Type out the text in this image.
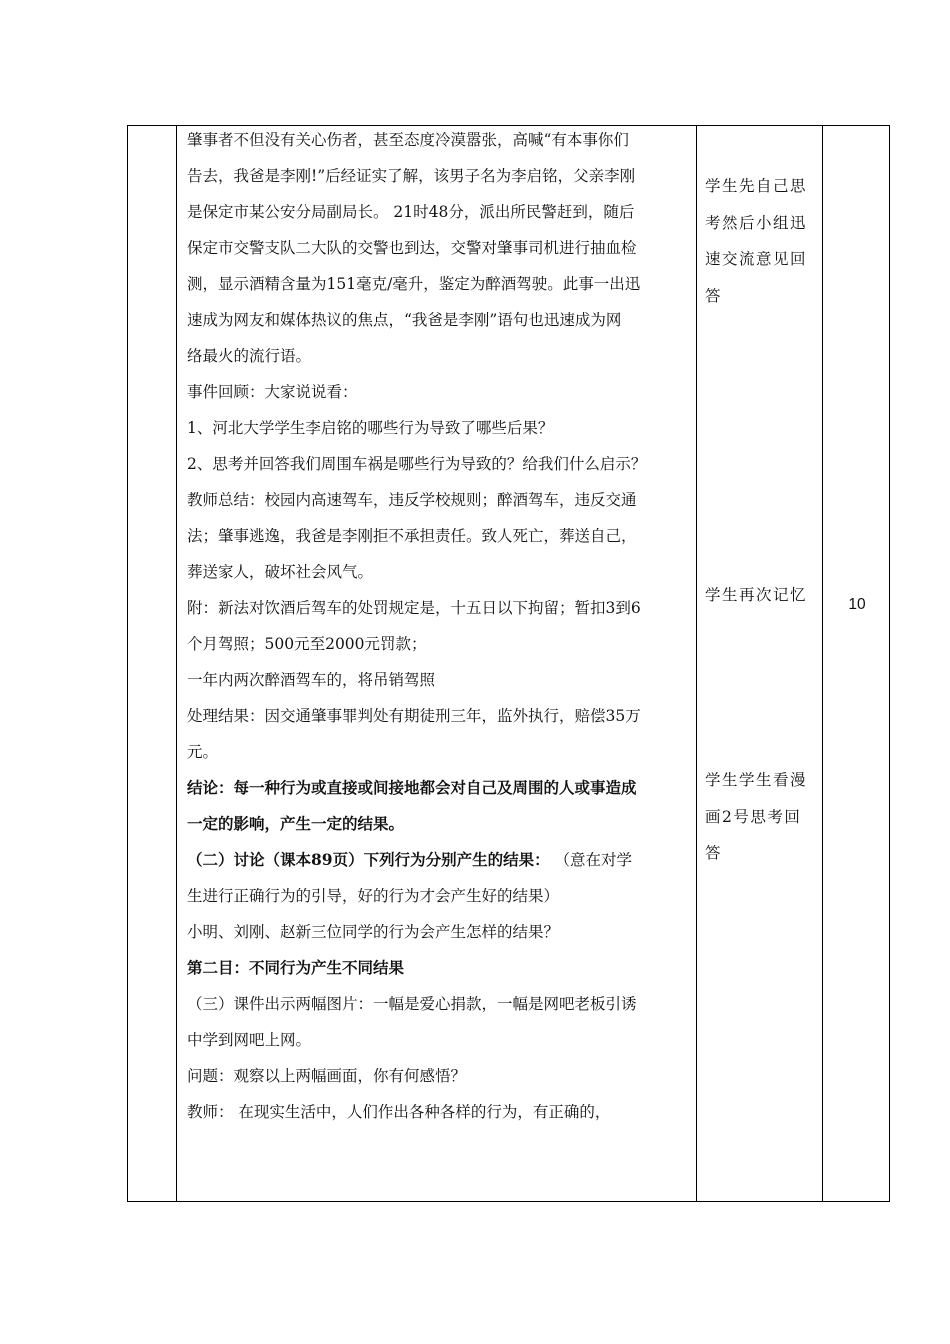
肇事者不但没有关心伤者，甚至态度冷漠嚣张，高喊“有本事你们

告去，我爸是李刚!”后经证实了解，该男子名为李启铭，父亲李刚

是保定市某公安分局副局长。 21时48分，派出所民警赶到，随后

保定市交警支队二大队的交警也到达，交警对肇事司机进行抽血检

测，显示酒精含量为151毫克/毫升，鉴定为醉酒驾驶。此事一出迅

速成为网友和媒体热议的焦点，“我爸是李刚”语句也迅速成为网

络最火的流行语。

事件回顾：大家说说看：

1、河北大学学生李启铭的哪些行为导致了哪些后果？

2、思考并回答我们周围车祸是哪些行为导致的？给我们什么启示？

教师总结：校园内高速驾车，违反学校规则；醉酒驾车，违反交通

法；肇事逃逸，我爸是李刚拒不承担责任。致人死亡，葬送自己，

葬送家人，破坏社会风气。

附：新法对饮酒后驾车的处罚规定是，十五日以下拘留；暂扣3到6

个月驾照；500元至2000元罚款；

一年内两次醉酒驾车的，将吊销驾照

处理结果：因交通肇事罪判处有期徒刑三年，监外执行，赔偿35万

元。

结论：每一种行为或直接或间接地都会对自己及周围的人或事造成

一定的影响，产生一定的结果。

（二）讨论（课本89页）下列行为分别产生的结果： （意在对学

生进行正确行为的引导，好的行为才会产生好的结果）

小明、刘刚、赵新三位同学的行为会产生怎样的结果？

第二目：不同行为产生不同结果

（三）课件出示两幅图片：一幅是爱心捐款，一幅是网吧老板引诱

中学到网吧上网。

问题：观察以上两幅画面，你有何感悟？

教师： 在现实生活中，人们作出各种各样的行为，有正确的，

学生先自己思

考然后小组迅

速交流意见回

答

学生再次记忆

学生学生看漫

画2号思考回

答

10
